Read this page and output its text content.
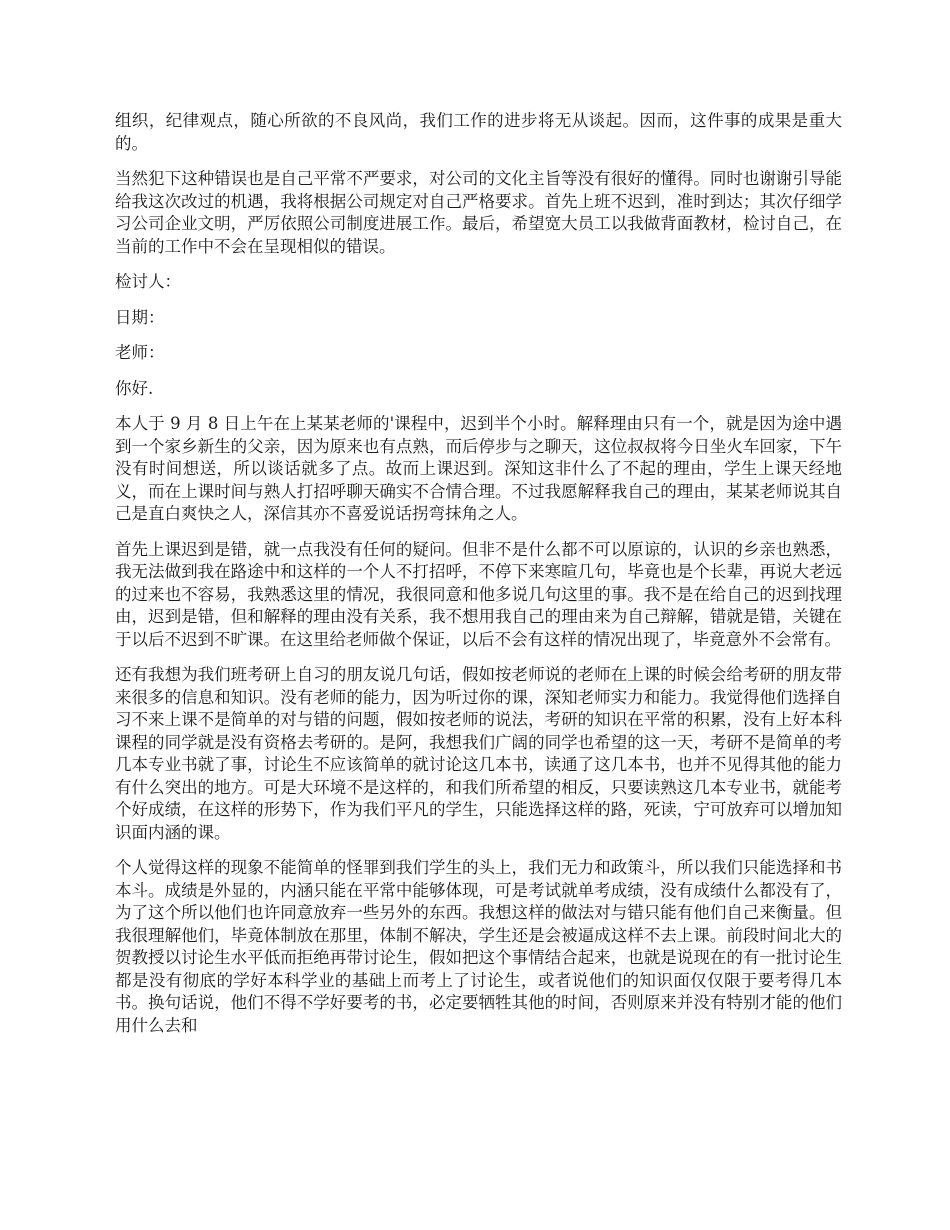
组织，纪律观点，随心所欲的不良风尚，我们工作的进步将无从谈起。因而，这件事的成果是重大的。

当然犯下这种错误也是自己平常不严要求，对公司的文化主旨等没有很好的懂得。同时也谢谢引导能给我这次改过的机遇，我将根据公司规定对自己严格要求。首先上班不迟到，准时到达；其次仔细学习公司企业文明，严厉依照公司制度进展工作。最后，希望宽大员工以我做背面教材，检讨自己，在当前的工作中不会在呈现相似的错误。

检讨人：

日期：

老师：

你好.

本人于 9 月 8 日上午在上某某老师的'课程中，迟到半个小时。解释理由只有一个，就是因为途中遇到一个家乡新生的父亲，因为原来也有点熟，而后停步与之聊天，这位叔叔将今日坐火车回家，下午没有时间想送，所以谈话就多了点。故而上课迟到。深知这非什么了不起的理由，学生上课天经地义，而在上课时间与熟人打招呼聊天确实不合情合理。不过我愿解释我自己的理由，某某老师说其自己是直白爽快之人，深信其亦不喜爱说话拐弯抹角之人。

首先上课迟到是错，就一点我没有任何的疑问。但非不是什么都不可以原谅的，认识的乡亲也熟悉，我无法做到我在路途中和这样的一个人不打招呼，不停下来寒暄几句，毕竟也是个长辈，再说大老远的过来也不容易，我熟悉这里的情况，我很同意和他多说几句这里的事。我不是在给自己的迟到找理由，迟到是错，但和解释的理由没有关系，我不想用我自己的理由来为自己辩解，错就是错，关键在于以后不迟到不旷课。在这里给老师做个保证，以后不会有这样的情况出现了，毕竟意外不会常有。

还有我想为我们班考研上自习的朋友说几句话，假如按老师说的老师在上课的时候会给考研的朋友带来很多的信息和知识。没有老师的能力，因为听过你的课，深知老师实力和能力。我觉得他们选择自习不来上课不是简单的对与错的问题，假如按老师的说法，考研的知识在平常的积累，没有上好本科课程的同学就是没有资格去考研的。是阿，我想我们广阔的同学也希望的这一天，考研不是简单的考几本专业书就了事，讨论生不应该简单的就讨论这几本书，读通了这几本书，也并不见得其他的能力有什么突出的地方。可是大环境不是这样的，和我们所希望的相反，只要读熟这几本专业书，就能考个好成绩，在这样的形势下，作为我们平凡的学生，只能选择这样的路，死读，宁可放弃可以增加知识面内涵的课。

个人觉得这样的现象不能简单的怪罪到我们学生的头上，我们无力和政策斗，所以我们只能选择和书本斗。成绩是外显的，内涵只能在平常中能够体现，可是考试就单考成绩，没有成绩什么都没有了，为了这个所以他们也许同意放弃一些另外的东西。我想这样的做法对与错只能有他们自己来衡量。但我很理解他们，毕竟体制放在那里，体制不解决，学生还是会被逼成这样不去上课。前段时间北大的贺教授以讨论生水平低而拒绝再带讨论生，假如把这个事情结合起来，也就是说现在的有一批讨论生都是没有彻底的学好本科学业的基础上而考上了讨论生，或者说他们的知识面仅仅限于要考得几本书。换句话说，他们不得不学好要考的书，必定要牺牲其他的时间，否则原来并没有特别才能的他们用什么去和
